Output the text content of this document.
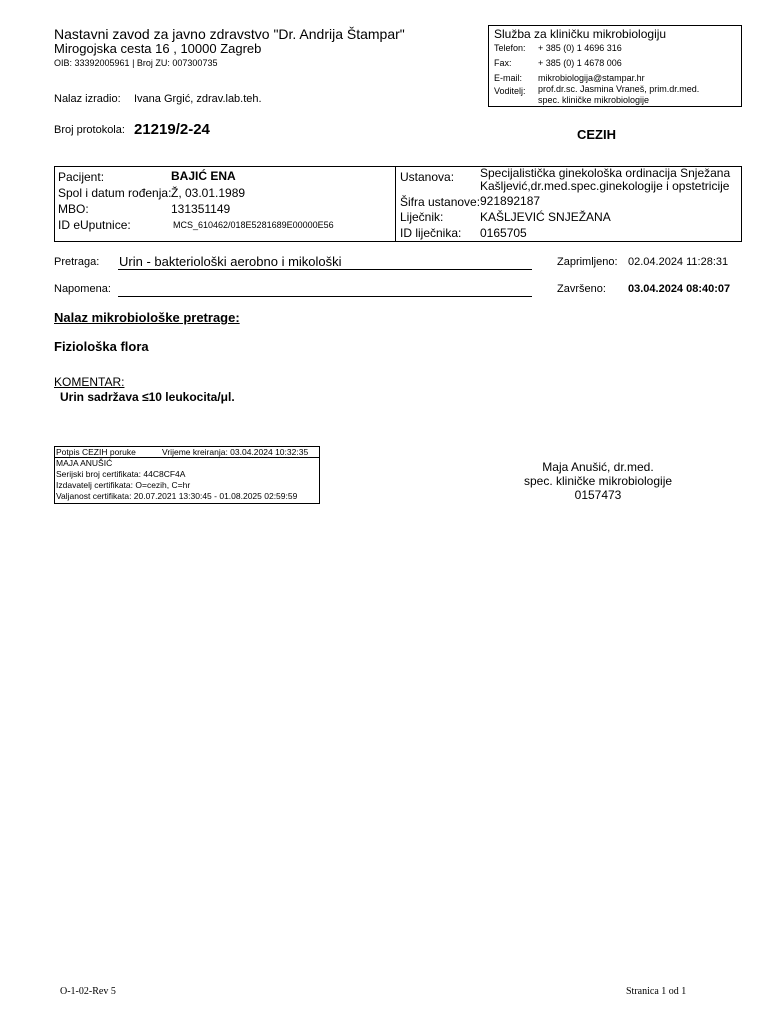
Nastavni zavod za javno zdravstvo "Dr. Andrija Štampar"
Mirogojska cesta 16 , 10000 Zagreb
OIB: 33392005961 | Broj ZU: 007300735
Služba za kliničku mikrobiologiju
Telefon: + 385 (0) 1 4696 316
Fax:	+ 385 (0) 1 4678 006
E-mail: mikrobiologija@stampar.hr
Voditelj: prof.dr.sc. Jasmina Vraneš, prim.dr.med.
spec. kliničke mikrobiologije
Nalaz izradio: Ivana Grgić, zdrav.lab.teh.
Broj protokola: 21219/2-24	CEZIH
Pacijent:	BAJIĆ ENA
Spol i datum rođenja: Ž, 03.01.1989
MBO:	131351149
ID eUputnice:	MCS_610462/018E5281689E00000E56
Ustanova: Specijalistička ginekološka ordinacija Snježana
Kašljević,dr.med.spec.ginekologije i opstetricije
Šifra ustanove: 921892187
Liječnik:	KAŠLJEVIĆ SNJEŽANA
ID liječnika: 0165705
Pretraga: Urin - bakteriološki aerobno i mikološki	Zaprimljeno: 02.04.2024 11:28:31
Napomena:	Završeno: 03.04.2024 08:40:07
Nalaz mikrobiološke pretrage:
Fiziološka flora
KOMENTAR:
Urin sadržava ≤10 leukocita/μl.
Potpis CEZIH poruke	Vrijeme kreiranja: 03.04.2024 10:32:35
MAJA ANUŠIĆ
Serijski broj certifikata: 44C8CF4A
Izdavatelj certifikata: O=cezih, C=hr
Valjanost certifikata: 20.07.2021 13:30:45 - 01.08.2025 02:59:59
Maja Anušić, dr.med.
spec. kliničke mikrobiologije
0157473
O-1-02-Rev 5	Stranica 1 od 1
